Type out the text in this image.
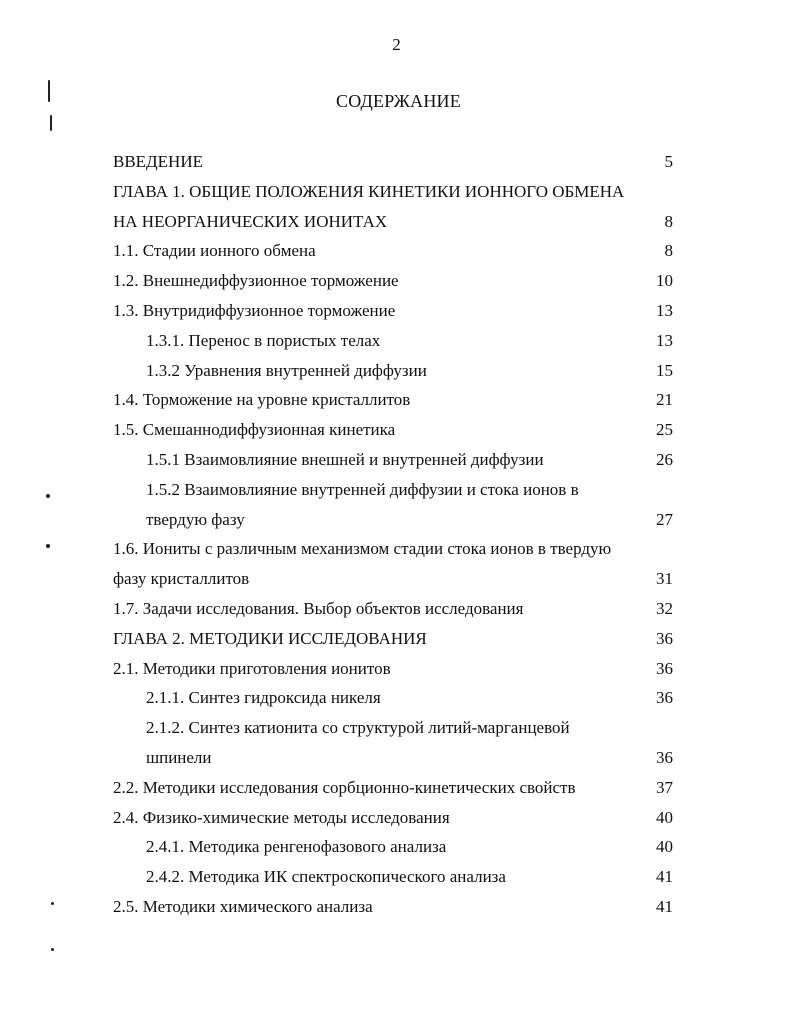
2
СОДЕРЖАНИЕ
ВВЕДЕНИЕ	5
ГЛАВА 1. ОБЩИЕ ПОЛОЖЕНИЯ КИНЕТИКИ ИОННОГО ОБМЕНА
НА НЕОРГАНИЧЕСКИХ ИОНИТАХ	8
1.1. Стадии ионного обмена	8
1.2. Внешнедиффузионное торможение	10
1.3. Внутридиффузионное торможение	13
1.3.1. Перенос в пористых телах	13
1.3.2 Уравнения внутренней диффузии	15
1.4. Торможение на уровне кристаллитов	21
1.5. Смешаннодиффузионная кинетика	25
1.5.1 Взаимовлияние внешней и внутренней диффузии	26
1.5.2 Взаимовлияние внутренней диффузии и стока ионов в
твердую фазу	27
1.6. Иониты с различным механизмом стадии стока ионов в твердую
фазу кристаллитов	31
1.7. Задачи исследования. Выбор объектов исследования	32
ГЛАВА 2. МЕТОДИКИ ИССЛЕДОВАНИЯ	36
2.1. Методики приготовления ионитов	36
2.1.1. Синтез гидроксида никеля	36
2.1.2. Синтез катионита со структурой литий-марганцевой
шпинели	36
2.2. Методики исследования сорбционно-кинетических свойств	37
2.4. Физико-химические методы исследования	40
2.4.1. Методика ренгенофазового анализа	40
2.4.2. Методика ИК спектроскопического анализа	41
2.5. Методики химического анализа	41
